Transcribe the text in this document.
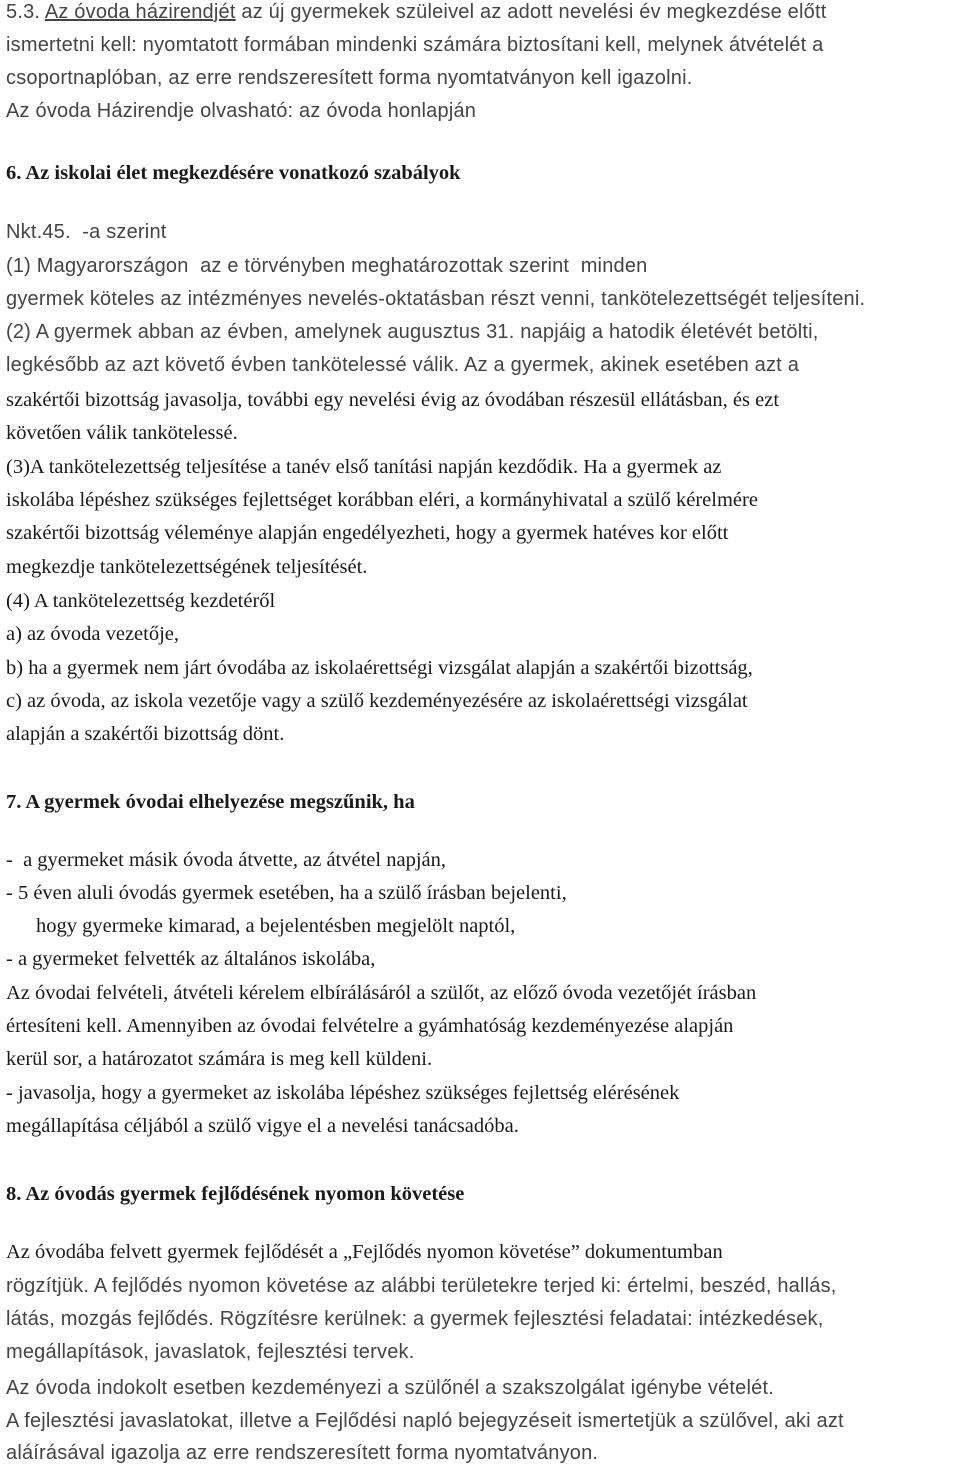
5.3. Az óvoda házirendjét az új gyermekek szüleivel az adott nevelési év megkezdése előtt
ismertetni kell: nyomtatott formában mindenki számára biztosítani kell, melynek átvételét a
csoportnaplóban, az erre rendszeresített forma nyomtatványon kell igazolni.
Az óvoda Házirendje olvasható: az óvoda honlapján
6. Az iskolai élet megkezdésére vonatkozó szabályok
Nkt.45.  -a szerint
(1) Magyarországon  az e törvényben meghatározottak szerint  minden
gyermek köteles az intézményes nevelés-oktatásban részt venni, tankötelezettségét teljesíteni.
(2) A gyermek abban az évben, amelynek augusztus 31. napjáig a hatodik életévét betölti,
legkésőbb az azt követő évben tankötelessé válik. Az a gyermek, akinek esetében azt a
szakértői bizottság javasolja, további egy nevelési évig az óvodában részesül ellátásban, és ezt
követően válik tankötelessé.
(3)A tankötelezettség teljesítése a tanév első tanítási napján kezdődik. Ha a gyermek az
iskolába lépéshez szükséges fejlettséget korábban eléri, a kormányhivatal a szülő kérelmére
szakértői bizottság véleménye alapján engedélyezheti, hogy a gyermek hatéves kor előtt
megkezdje tankötelezettségének teljesítését.
(4) A tankötelezettség kezdetéről
a) az óvoda vezetője,
b) ha a gyermek nem járt óvodába az iskolaérettségi vizsgálat alapján a szakértői bizottság,
c) az óvoda, az iskola vezetője vagy a szülő kezdeményezésére az iskolaérettségi vizsgálat
alapján a szakértői bizottság dönt.
7. A gyermek óvodai elhelyezése megszűnik, ha
-  a gyermeket másik óvoda átvette, az átvétel napján,
- 5 éven aluli óvodás gyermek esetében, ha a szülő írásban bejelenti,
hogy gyermeke kimarad, a bejelentésben megjelölt naptól,
- a gyermeket felvették az általános iskolába,
Az óvodai felvételi, átvételi kérelem elbírálásáról a szülőt, az előző óvoda vezetőjét írásban
értesíteni kell. Amennyiben az óvodai felvételre a gyámhatóság kezdeményezése alapján
kerül sor, a határozatot számára is meg kell küldeni.
- javasolja, hogy a gyermeket az iskolába lépéshez szükséges fejlettség elérésének
megállapítása céljából a szülő vigye el a nevelési tanácsadóba.
8. Az óvodás gyermek fejlődésének nyomon követése
Az óvodába felvett gyermek fejlődését a „Fejlődés nyomon követése” dokumentumban
rögzítjük. A fejlődés nyomon követése az alábbi területekre terjed ki: értelmi, beszéd, hallás,
látás, mozgás fejlődés. Rögzítésre kerülnek: a gyermek fejlesztési feladatai: intézkedések,
megállapítások, javaslatok, fejlesztési tervek.
Az óvoda indokolt esetben kezdeményezi a szülőnél a szakszolgálat igénybe vételét.
A fejlesztési javaslatokat, illetve a Fejlődési napló bejegyzéseit ismertetjük a szülővel, aki azt
aláírásával igazolja az erre rendszeresített forma nyomtatványon.
